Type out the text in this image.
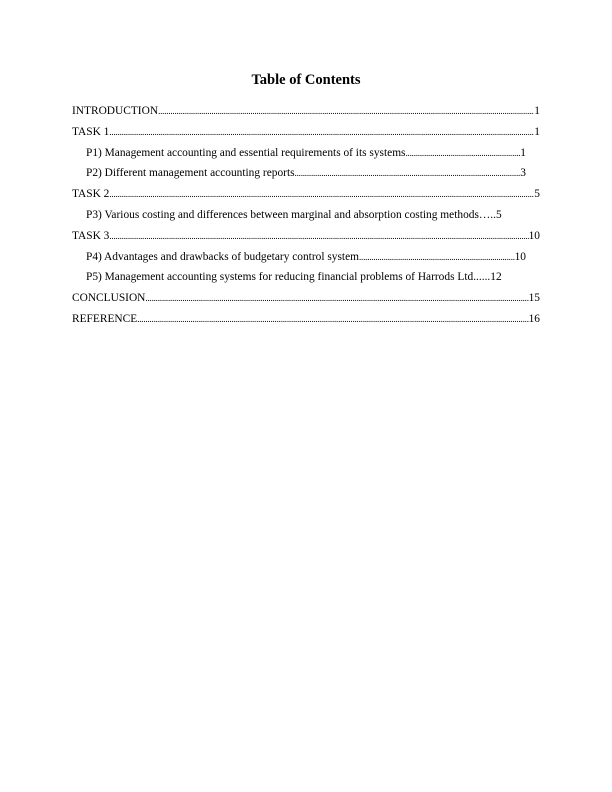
Table of Contents
INTRODUCTION .....	1
TASK 1 .....	1
P1) Management accounting and essential requirements of its systems .....	1
P2) Different management accounting reports .....	3
TASK 2 .....	5
P3) Various costing and differences between marginal and absorption costing methods ….. 5
TASK 3 .....	10
P4) Advantages and drawbacks of budgetary control system .....	10
P5) Management accounting systems for reducing financial problems of Harrods Ltd ...... 12
CONCLUSION .....	15
REFERENCE .....	16
